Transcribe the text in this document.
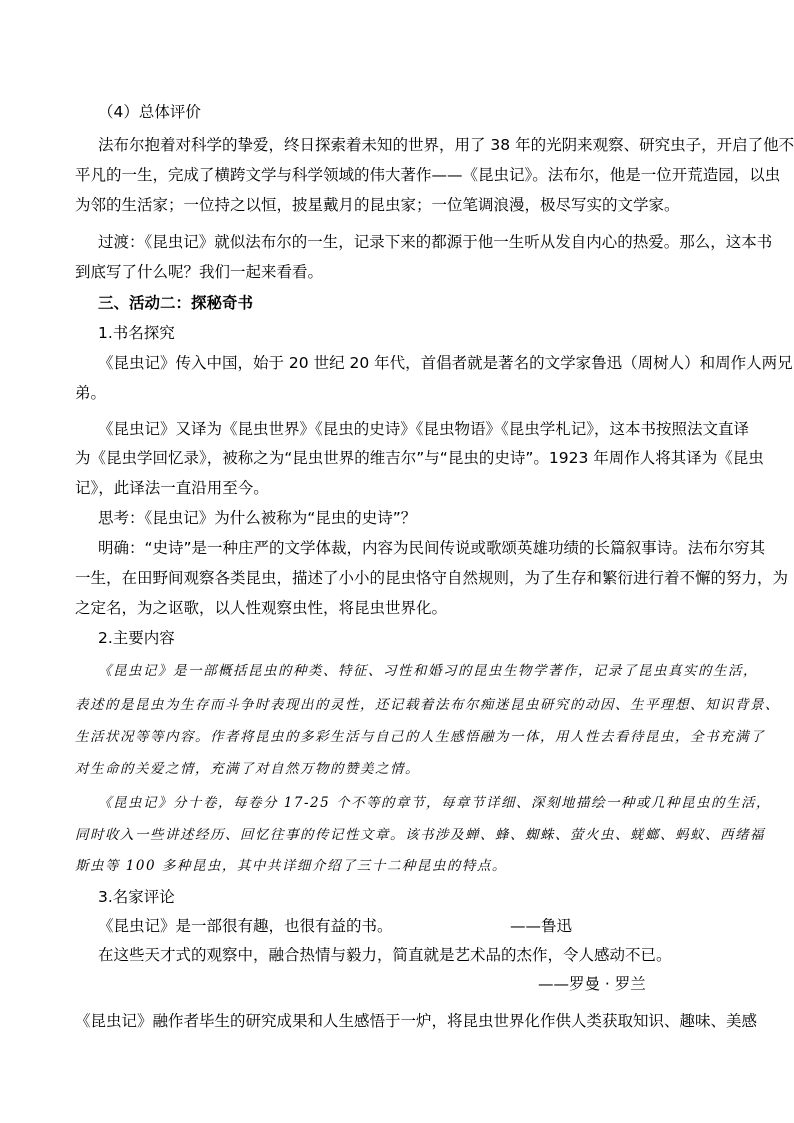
（4）总体评价
法布尔抱着对科学的挚爱，终日探索着未知的世界，用了 38 年的光阴来观察、研究虫子，开启了他不
平凡的一生，完成了横跨文学与科学领域的伟大著作——《昆虫记》。法布尔，他是一位开荒造园，以虫
为邻的生活家；一位持之以恒，披星戴月的昆虫家；一位笔调浪漫，极尽写实的文学家。
过渡：《昆虫记》就似法布尔的一生，记录下来的都源于他一生听从发自内心的热爱。那么，这本书
到底写了什么呢？我们一起来看看。
三、活动二：探秘奇书
1.书名探究
《昆虫记》传入中国，始于 20 世纪 20 年代，首倡者就是著名的文学家鲁迅（周树人）和周作人两兄
弟。
《昆虫记》又译为《昆虫世界》《昆虫的史诗》《昆虫物语》《昆虫学札记》，这本书按照法文直译
为《昆虫学回忆录》，被称之为“昆虫世界的维吉尔”与“昆虫的史诗”。1923 年周作人将其译为《昆虫
记》，此译法一直沿用至今。
思考：《昆虫记》为什么被称为“昆虫的史诗”？
明确：“史诗”是一种庄严的文学体裁，内容为民间传说或歌颂英雄功绩的长篇叙事诗。法布尔穷其
一生，在田野间观察各类昆虫，描述了小小的昆虫恪守自然规则，为了生存和繁衍进行着不懈的努力，为
之定名，为之讴歌，以人性观察虫性，将昆虫世界化。
2.主要内容
《昆虫记》是一部概括昆虫的种类、特征、习性和婚习的昆虫生物学著作，记录了昆虫真实的生活，
表述的是昆虫为生存而斗争时表现出的灵性，还记载着法布尔痴迷昆虫研究的动因、生平理想、知识背景、
生活状况等等内容。作者将昆虫的多彩生活与自己的人生感悟融为一体，用人性去看待昆虫，全书充满了
对生命的关爱之情，充满了对自然万物的赞美之情。
《昆虫记》分十卷，每卷分 17-25 个不等的章节，每章节详细、深刻地描绘一种或几种昆虫的生活，
同时收入一些讲述经历、回忆往事的传记性文章。该书涉及蝉、蜂、蜘蛛、萤火虫、蜣螂、蚂蚁、西绪福
斯虫等 100 多种昆虫，其中共详细介绍了三十二种昆虫的特点。
3.名家评论
《昆虫记》是一部很有趣，也很有益的书。	——鲁迅
在这些天才式的观察中，融合热情与毅力，简直就是艺术品的杰作，令人感动不已。
——罗曼 · 罗兰
《昆虫记》融作者毕生的研究成果和人生感悟于一炉，将昆虫世界化作供人类获取知识、趣味、美感
